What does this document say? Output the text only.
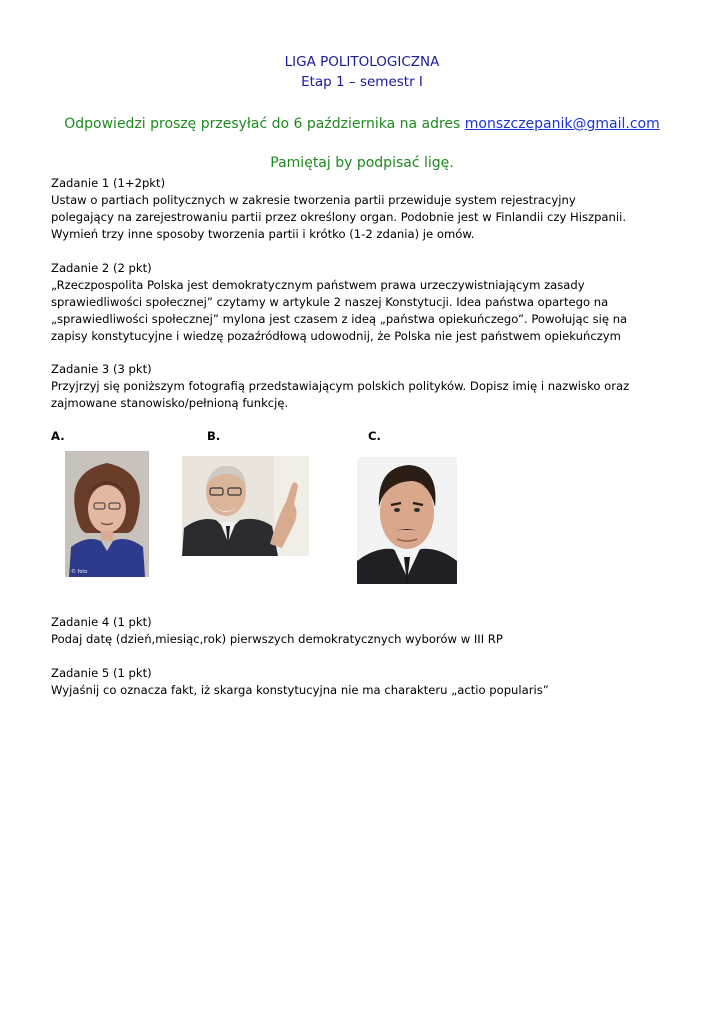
LIGA POLITOLOGICZNA
Etap 1 – semestr I
Odpowiedzi proszę przesyłać do 6 października na adres monszczepanik@gmail.com
Pamiętaj by podpisać ligę.

Zadanie 1 (1+2pkt)

Ustaw o partiach politycznych w zakresie tworzenia partii przewiduje system rejestracyjny

polegający na zarejestrowaniu partii przez określony organ. Podobnie jest w Finlandii czy Hiszpanii.

Wymień trzy inne sposoby tworzenia partii i krótko (1-2 zdania) je omów.

Zadanie 2 (2 pkt)

„Rzeczpospolita Polska jest demokratycznym państwem prawa urzeczywistniającym zasady

sprawiedliwości społecznej” czytamy w artykule 2 naszej Konstytucji. Idea państwa opartego na

„sprawiedliwości społecznej” mylona jest czasem z ideą „państwa opiekuńczego”. Powołując się na

zapisy konstytucyjne i wiedzę pozaźródłową udowodnij, że Polska nie jest państwem opiekuńczym

Zadanie 3 (3 pkt)

Przyjrzyj się poniższym fotografią przedstawiającym polskich polityków. Dopisz imię i nazwisko oraz

zajmowane stanowisko/pełnioną funkcję.

A.	B.	C.
© foto

Zadanie 4 (1 pkt)

Podaj datę (dzień,miesiąc,rok) pierwszych demokratycznych wyborów w III RP

Zadanie 5 (1 pkt)

Wyjaśnij co oznacza fakt, iż skarga konstytucyjna nie ma charakteru „actio popularis”
